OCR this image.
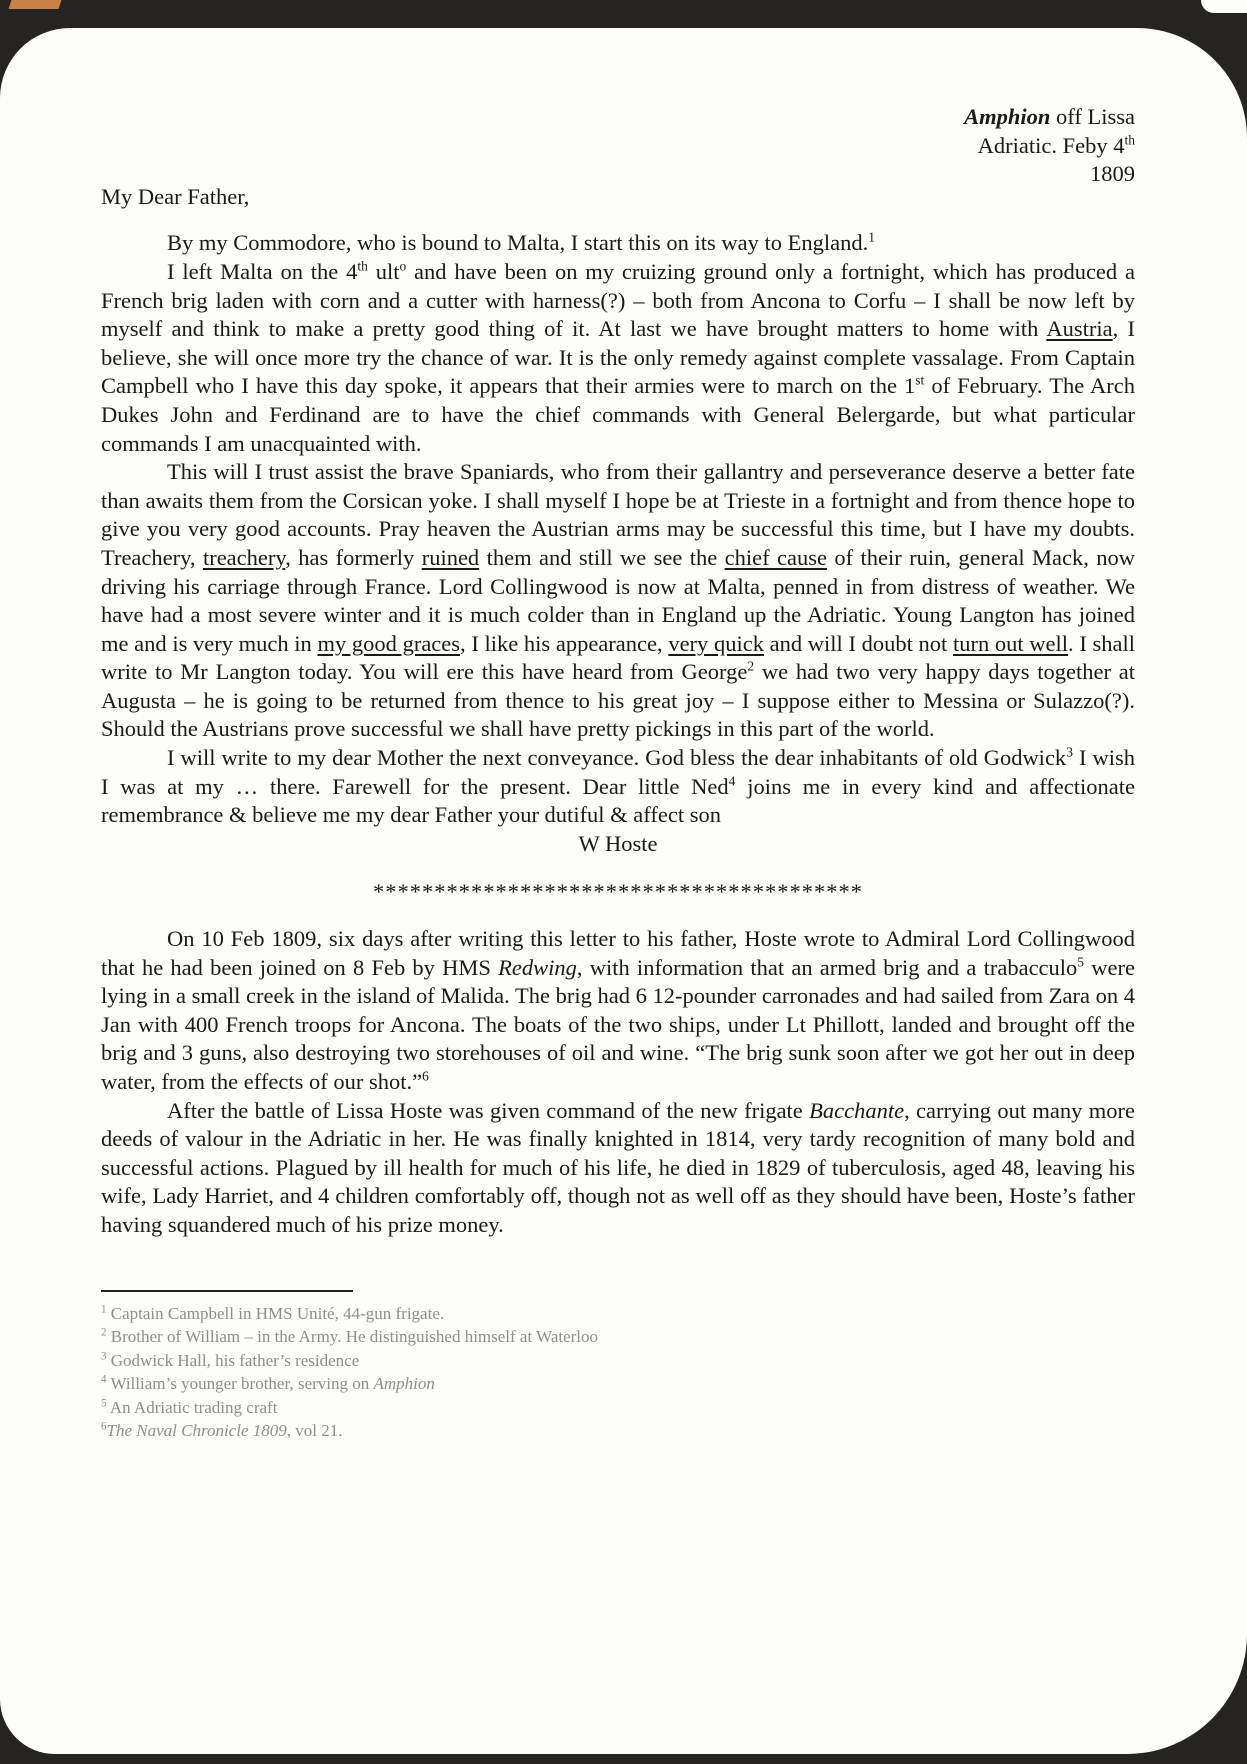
Amphion off Lissa
Adriatic. Feby 4th
1809
My Dear Father,

By my Commodore, who is bound to Malta, I start this on its way to England.$^1$

I left Malta on the 4th ult$^o$ and have been on my cruizing ground only a fortnight, which has produced a French brig laden with corn and a cutter with harness(?) – both from Ancona to Corfu – I shall be now left by myself and think to make a pretty good thing of it. At last we have brought matters to home with Austria, I believe, she will once more try the chance of war. It is the only remedy against complete vassalage. From Captain Campbell who I have this day spoke, it appears that their armies were to march on the 1st of February. The Arch Dukes John and Ferdinand are to have the chief commands with General Belergarde, but what particular commands I am unacquainted with.

This will I trust assist the brave Spaniards, who from their gallantry and perseverance deserve a better fate than awaits them from the Corsican yoke. I shall myself I hope be at Trieste in a fortnight and from thence hope to give you very good accounts. Pray heaven the Austrian arms may be successful this time, but I have my doubts. Treachery, treachery, has formerly ruined them and still we see the chief cause of their ruin, general Mack, now driving his carriage through France. Lord Collingwood is now at Malta, penned in from distress of weather. We have had a most severe winter and it is much colder than in England up the Adriatic. Young Langton has joined me and is very much in my good graces, I like his appearance, very quick and will I doubt not turn out well. I shall write to Mr Langton today. You will ere this have heard from George$^2$ we had two very happy days together at Augusta – he is going to be returned from thence to his great joy – I suppose either to Messina or Sulazzo(?). Should the Austrians prove successful we shall have pretty pickings in this part of the world.

I will write to my dear Mother the next conveyance. God bless the dear inhabitants of old Godwick$^3$ I wish I was at my … there. Farewell for the present. Dear little Ned$^4$ joins me in every kind and affectionate remembrance & believe me my dear Father your dutiful & affect son

W Hoste
****************************************

On 10 Feb 1809, six days after writing this letter to his father, Hoste wrote to Admiral Lord Collingwood that he had been joined on 8 Feb by HMS Redwing, with information that an armed brig and a trabacculo$^5$ were lying in a small creek in the island of Malida. The brig had 6 12-pounder carronades and had sailed from Zara on 4 Jan with 400 French troops for Ancona. The boats of the two ships, under Lt Phillott, landed and brought off the brig and 3 guns, also destroying two storehouses of oil and wine. “The brig sunk soon after we got her out in deep water, from the effects of our shot.”$^6$

After the battle of Lissa Hoste was given command of the new frigate Bacchante, carrying out many more deeds of valour in the Adriatic in her. He was finally knighted in 1814, very tardy recognition of many bold and successful actions. Plagued by ill health for much of his life, he died in 1829 of tuberculosis, aged 48, leaving his wife, Lady Harriet, and 4 children comfortably off, though not as well off as they should have been, Hoste’s father having squandered much of his prize money.

$^1$ Captain Campbell in HMS Unité, 44-gun frigate.
$^2$ Brother of William – in the Army. He distinguished himself at Waterloo
$^3$ Godwick Hall, his father’s residence
$^4$ William’s younger brother, serving on Amphion
$^5$ An Adriatic trading craft
$^6$The Naval Chronicle 1809, vol 21.
